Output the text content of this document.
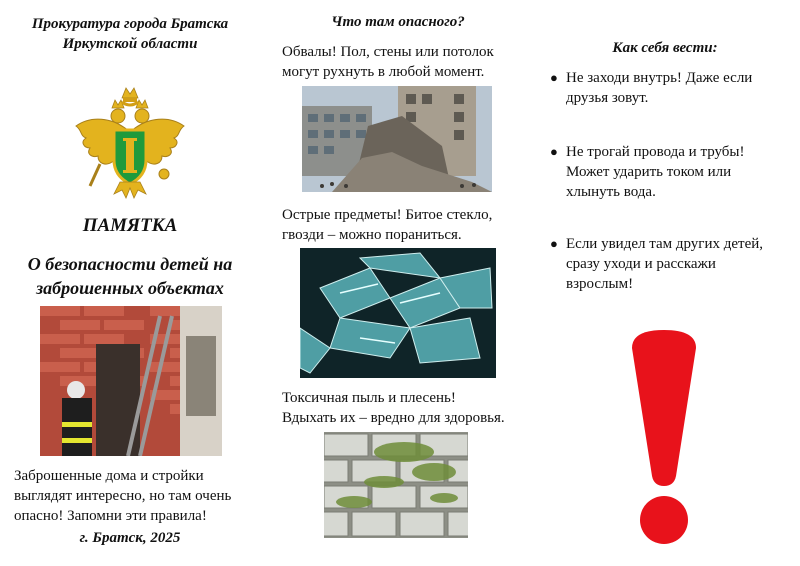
Прокуратура города Братска
Иркутской области
ПАМЯТКА
О безопасности детей на
заброшенных объектах
Заброшенные дома и стройки
выглядят интересно, но там очень
опасно! Запомни эти правила!
г. Братск, 2025
Что там опасного?
Обвалы! Пол, стены или потолок
могут рухнуть в любой момент.
Острые предметы! Битое стекло,
гвозди – можно пораниться.
Токсичная пыль и плесень!
Вдыхать их – вредно для здоровья.
Как себя вести:
● Не заходи внутрь! Даже если
друзья зовут.
● Не трогай провода и трубы!
Может ударить током или
хлынуть вода.
● Если увидел там других детей,
сразу уходи и расскажи
взрослым!
